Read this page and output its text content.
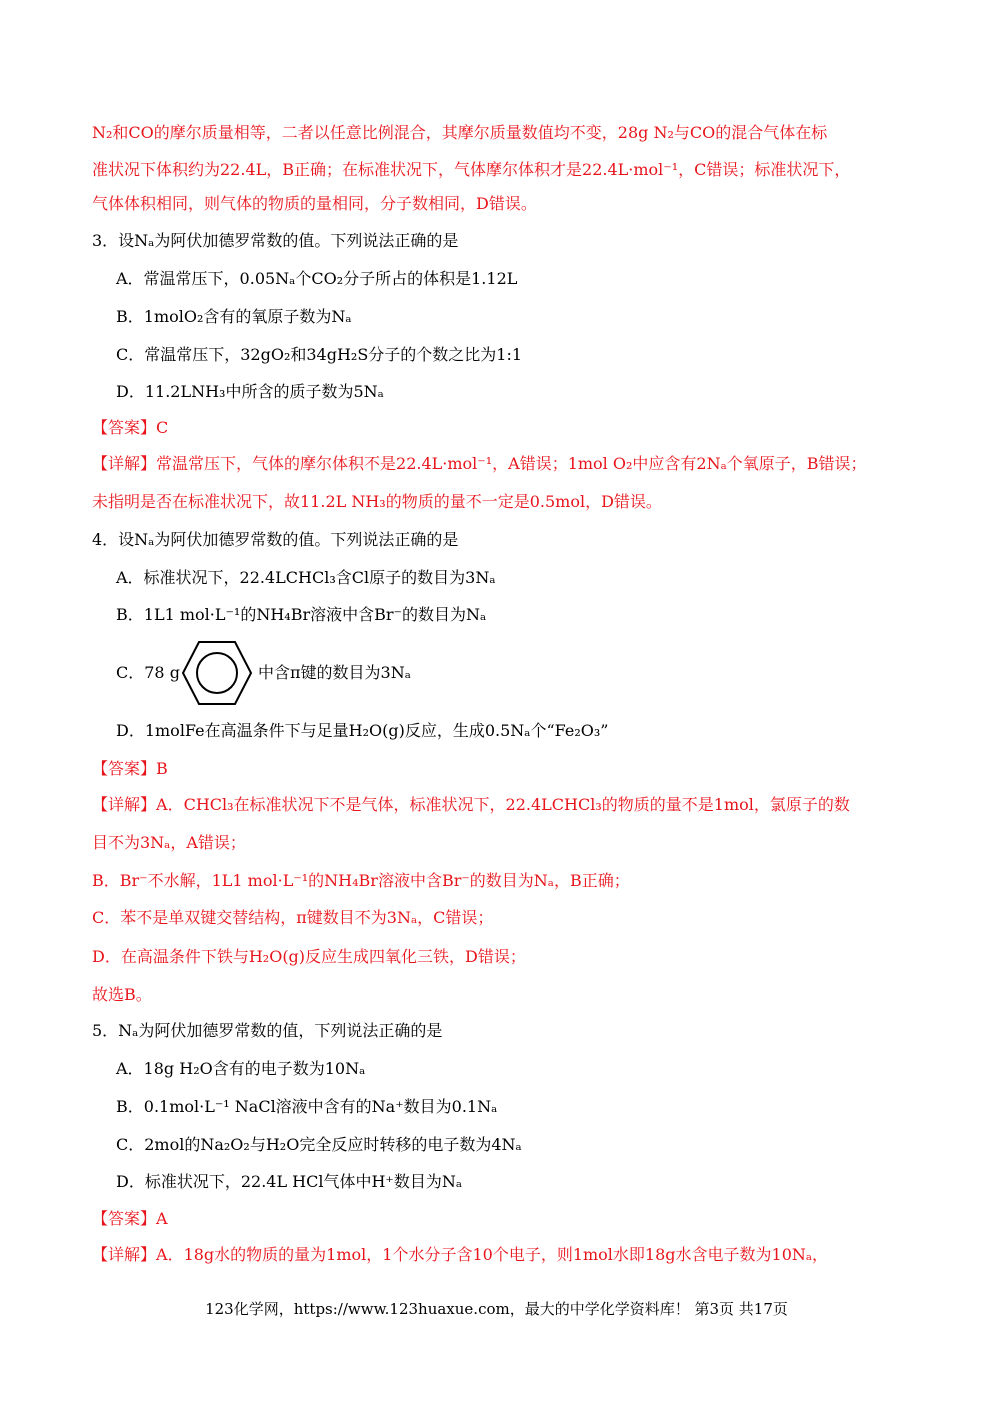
N₂和CO的摩尔质量相等，二者以任意比例混合，其摩尔质量数值均不变，28g N₂与CO的混合气体在标
准状况下体积约为22.4L，B正确；在标准状况下，气体摩尔体积才是22.4L·mol⁻¹，C错误；标准状况下，
气体体积相同，则气体的物质的量相同，分子数相同，D错误。
3．设Nₐ为阿伏加德罗常数的值。下列说法正确的是
A．常温常压下，0.05Nₐ个CO₂分子所占的体积是1.12L
B．1molO₂含有的氧原子数为Nₐ
C．常温常压下，32gO₂和34gH₂S分子的个数之比为1:1
D．11.2LNH₃中所含的质子数为5Nₐ
【答案】C
【详解】常温常压下，气体的摩尔体积不是22.4L·mol⁻¹，A错误；1mol O₂中应含有2Nₐ个氧原子，B错误；
未指明是否在标准状况下，故11.2L NH₃的物质的量不一定是0.5mol，D错误。
4．设Nₐ为阿伏加德罗常数的值。下列说法正确的是
A．标准状况下，22.4LCHCl₃含Cl原子的数目为3Nₐ
B．1L1 mol·L⁻¹的NH₄Br溶液中含Br⁻的数目为Nₐ
C．78 g	中含π键的数目为3Nₐ
D．1molFe在高温条件下与足量H₂O(g)反应，生成0.5Nₐ个“Fe₂O₃”
【答案】B
【详解】A．CHCl₃在标准状况下不是气体，标准状况下，22.4LCHCl₃的物质的量不是1mol，氯原子的数
目不为3Nₐ，A错误；
B．Br⁻不水解，1L1 mol·L⁻¹的NH₄Br溶液中含Br⁻的数目为Nₐ，B正确；
C．苯不是单双键交替结构，π键数目不为3Nₐ，C错误；
D．在高温条件下铁与H₂O(g)反应生成四氧化三铁，D错误；
故选B。
5．Nₐ为阿伏加德罗常数的值，下列说法正确的是
A．18g H₂O含有的电子数为10Nₐ
B．0.1mol·L⁻¹ NaCl溶液中含有的Na⁺数目为0.1Nₐ
C．2mol的Na₂O₂与H₂O完全反应时转移的电子数为4Nₐ
D．标准状况下，22.4L HCl气体中H⁺数目为Nₐ
【答案】A
【详解】A．18g水的物质的量为1mol，1个水分子含10个电子，则1mol水即18g水含电子数为10Nₐ，
123化学网，https://www.123huaxue.com，最大的中学化学资料库！ 第3页 共17页
